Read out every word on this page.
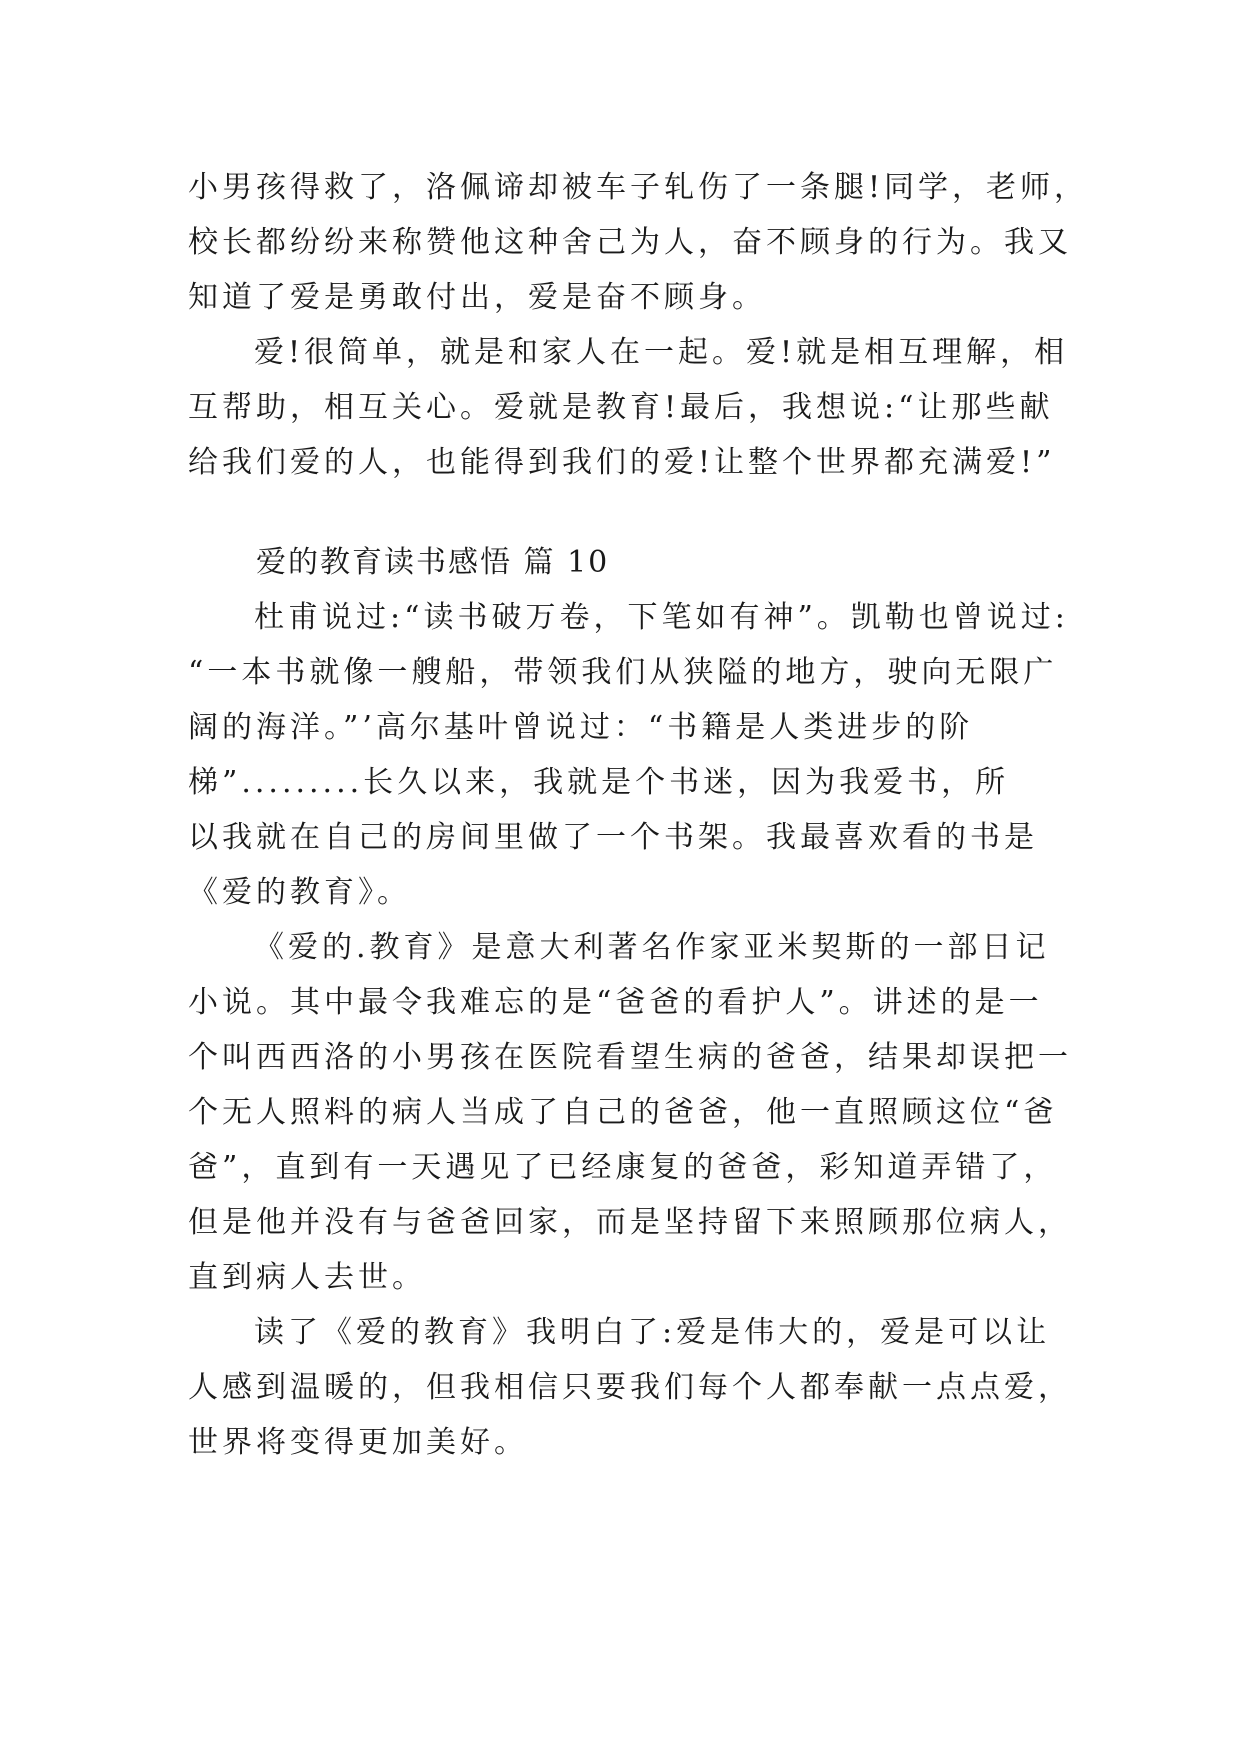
小男孩得救了，洛佩谛却被车子轧伤了一条腿!同学，老师，
校长都纷纷来称赞他这种舍己为人，奋不顾身的行为。我又
知道了爱是勇敢付出，爱是奋不顾身。
爱!很简单，就是和家人在一起。爱!就是相互理解，相
互帮助，相互关心。爱就是教育!最后，我想说:“让那些献
给我们爱的人，也能得到我们的爱!让整个世界都充满爱!”
爱的教育读书感悟 篇 10
杜甫说过:“读书破万卷，下笔如有神”。凯勒也曾说过:
“一本书就像一艘船，带领我们从狭隘的地方，驶向无限广
阔的海洋。”’高尔基叶曾说过：“书籍是人类进步的阶
梯”.........长久以来，我就是个书迷，因为我爱书，所
以我就在自己的房间里做了一个书架。我最喜欢看的书是
《爱的教育》。
《爱的.教育》是意大利著名作家亚米契斯的一部日记
小说。其中最令我难忘的是“爸爸的看护人”。讲述的是一
个叫西西洛的小男孩在医院看望生病的爸爸，结果却误把一
个无人照料的病人当成了自己的爸爸，他一直照顾这位“爸
爸”，直到有一天遇见了已经康复的爸爸，彩知道弄错了，
但是他并没有与爸爸回家，而是坚持留下来照顾那位病人，
直到病人去世。
读了《爱的教育》我明白了:爱是伟大的，爱是可以让
人感到温暖的，但我相信只要我们每个人都奉献一点点爱，
世界将变得更加美好。
